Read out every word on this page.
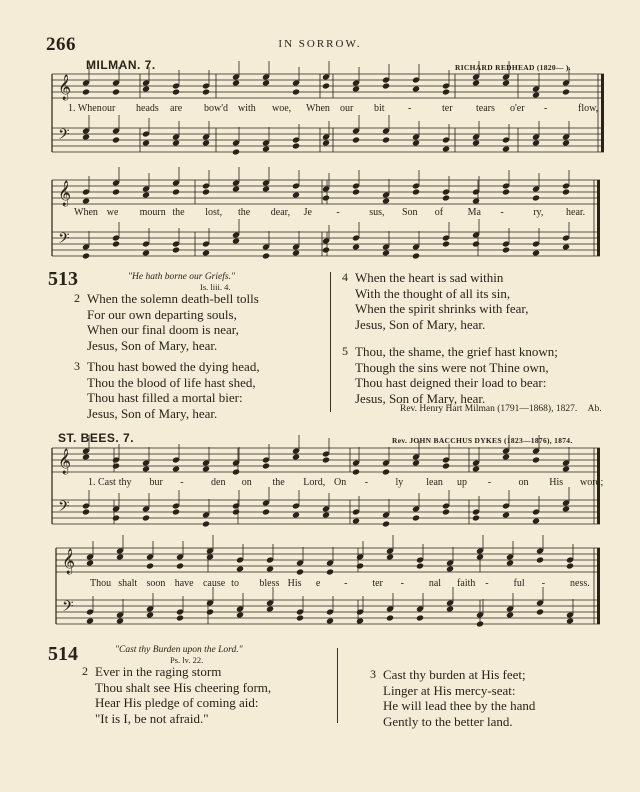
266	IN SORROW.
𝄞
𝄢
𝄞
𝄢
𝄞
𝄢
𝄞
𝄢
MILMAN. 7.	RICHARD REDHEAD (1820— ).
1. When our heads are bow'd with woe, When our bit -	ter tears o'er -	flow,
When we mourn the lost, the dear, Je -	sus, Son of Ma -	ry, hear.
513	"He hath borne our Griefs."
Is. liii. 4.
2 When the solemn death-bell tolls
For our own departing souls,
When our final doom is near,
Jesus, Son of Mary, hear.
3 Thou hast bowed the dying head,
Thou the blood of life hast shed,
Thou hast filled a mortal bier:
Jesus, Son of Mary, hear.
4 When the heart is sad within
With the thought of all its sin,
When the spirit shrinks with fear,
Jesus, Son of Mary, hear.
5 Thou, the shame, the grief hast known;
Though the sins were not Thine own,
Thou hast deigned their load to bear:
Jesus, Son of Mary, hear.
Rev. Henry Hart Milman (1791—1868), 1827. Ab.
ST. BEES. 7.	Rev. JOHN BACCHUS DYKES (1823—1876), 1874.
1. Cast thy bur -	den on the Lord, On -	ly lean up -	on His word;
Thou shalt soon have cause to bless His e - ter - nal faith - ful - ness.
514	"Cast thy Burden upon the Lord."
Ps. lv. 22.
2 Ever in the raging storm
Thou shalt see His cheering form,
Hear His pledge of coming aid:
"It is I, be not afraid."
3 Cast thy burden at His feet;
Linger at His mercy-seat:
He will lead thee by the hand
Gently to the better land.
